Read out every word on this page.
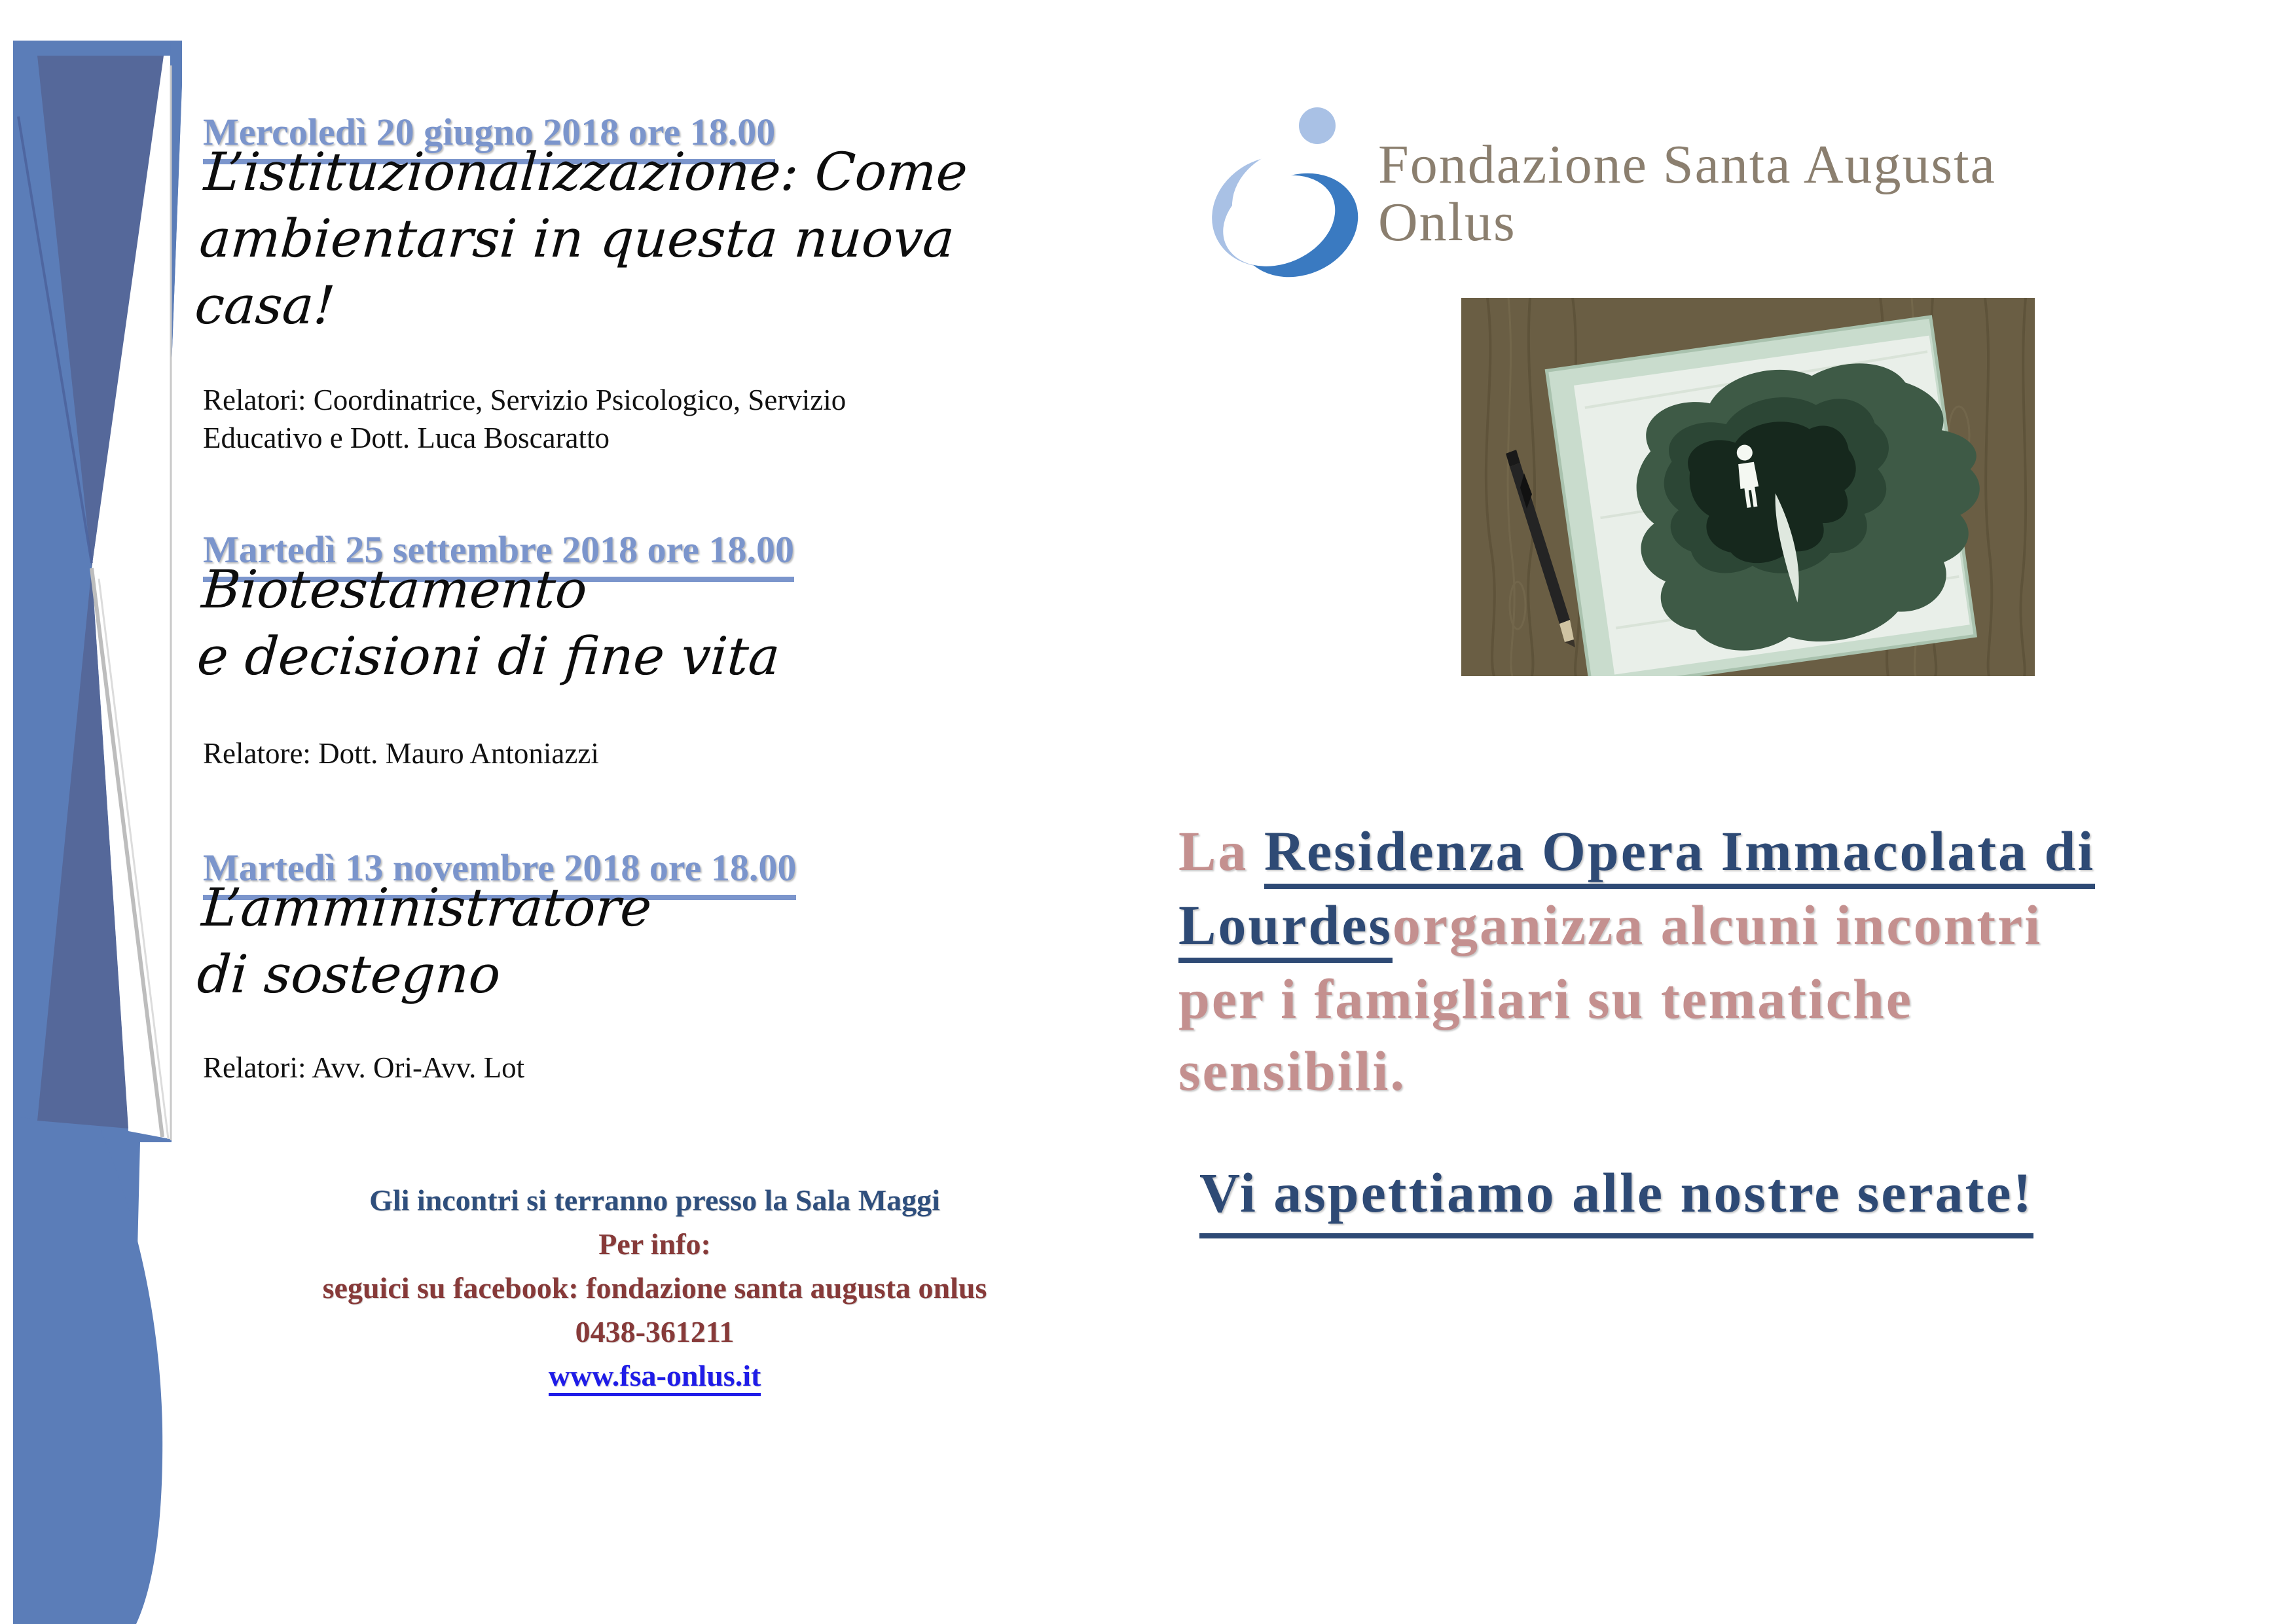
Mercoledì 20 giugno 2018 ore 18.00
L’istituzionalizzazione: Come
ambientarsi in questa nuova
casa!
Relatori: Coordinatrice, Servizio Psicologico, Servizio
Educativo e Dott. Luca Boscaratto
Martedì 25 settembre 2018 ore 18.00
Biotestamento
e decisioni di fine vita
Relatore: Dott. Mauro Antoniazzi
Martedì 13 novembre 2018 ore 18.00
L’amministratore
di sostegno
Relatori: Avv. Ori-Avv. Lot
Gli incontri si terranno presso la Sala Maggi
Per info:
seguici su facebook: fondazione santa augusta onlus
0438-361211
www.fsa-onlus.it
Fondazione Santa Augusta
Onlus
La Residenza Opera Immacolata di
Lourdesorganizza alcuni incontri
per i famigliari su tematiche
sensibili.
Vi aspettiamo alle nostre serate!
